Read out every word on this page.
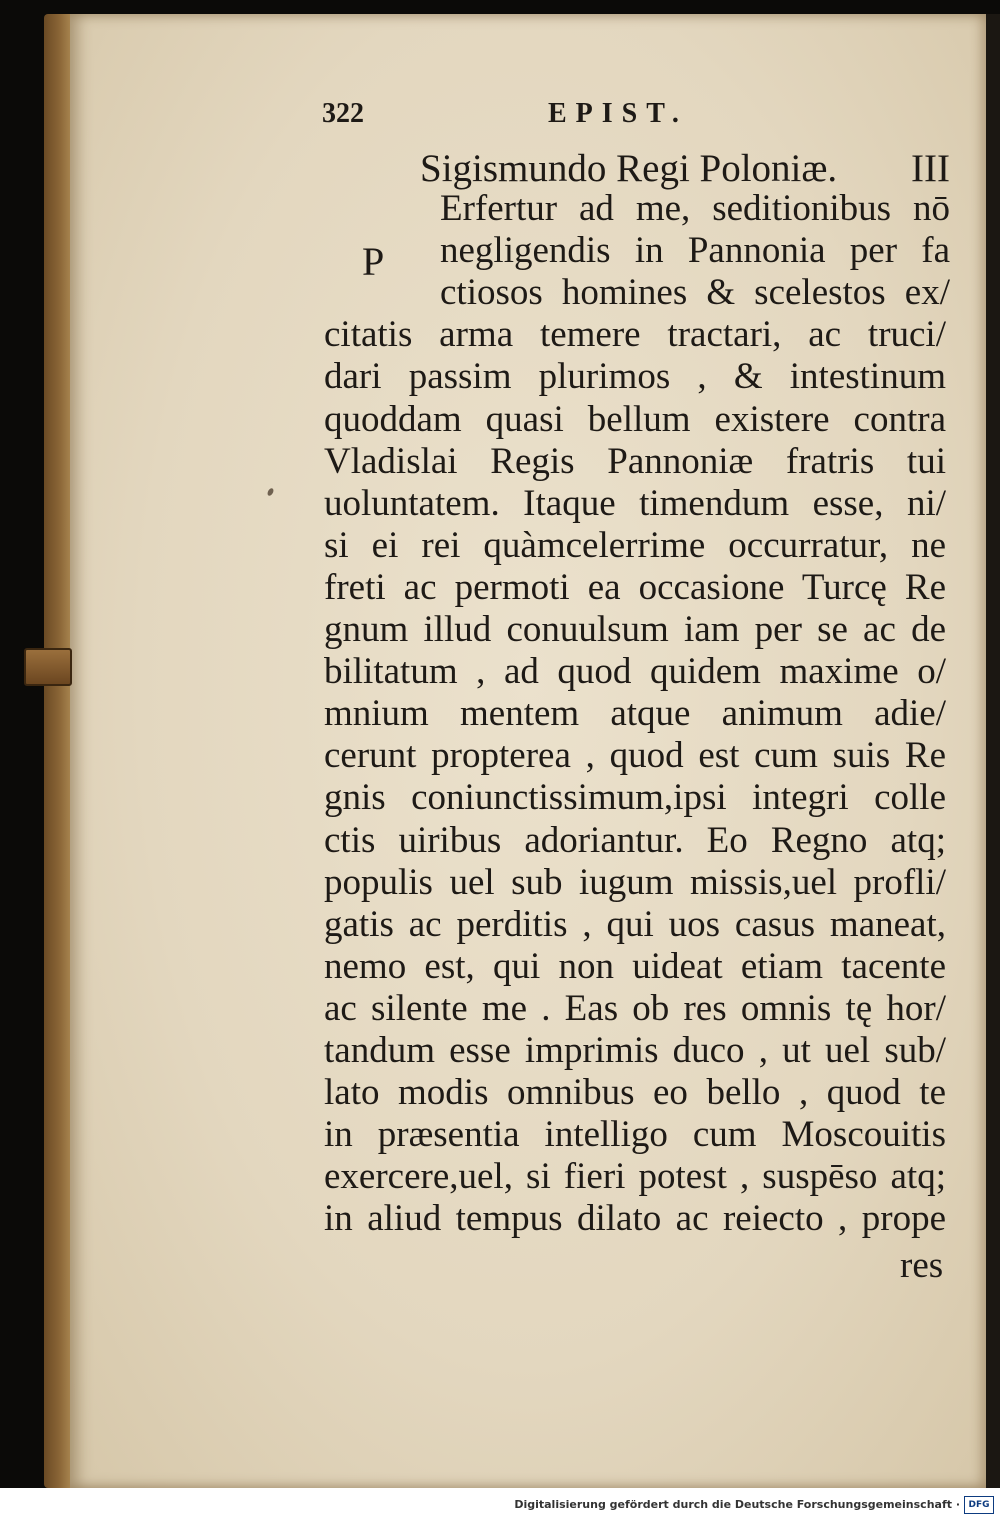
322	EPIST.
Sigismundo Regi Poloniæ. III
P
Erfertur ad me, seditionibus nō
negligendis in Pannonia per fa
ctiosos homines & scelestos ex/
citatis arma temere tractari, ac truci/
dari passim plurimos , & intestinum
quoddam quasi bellum existere contra
Vladislai Regis Pannoniæ fratris tui
uoluntatem. Itaque timendum esse, ni/
si ei rei quàmcelerrime occurratur, ne
freti ac permoti ea occasione Turcę Re
gnum illud conuulsum iam per se ac de
bilitatum , ad quod quidem maxime o/
mnium mentem atque animum adie/
cerunt propterea , quod est cum suis Re
gnis coniunctissimum,ipsi integri colle
ctis uiribus adoriantur. Eo Regno atq;
populis uel sub iugum missis,uel profli/
gatis ac perditis , qui uos casus maneat,
nemo est, qui non uideat etiam tacente
ac silente me . Eas ob res omnis tę hor/
tandum esse imprimis duco , ut uel sub/
lato modis omnibus eo bello , quod te
in præsentia intelligo cum Moscouitis
exercere,uel, si fieri potest , suspēso atq;
in aliud tempus dilato ac reiecto , prope
res
Digitalisierung gefördert durch die Deutsche Forschungsgemeinschaft · DFG
